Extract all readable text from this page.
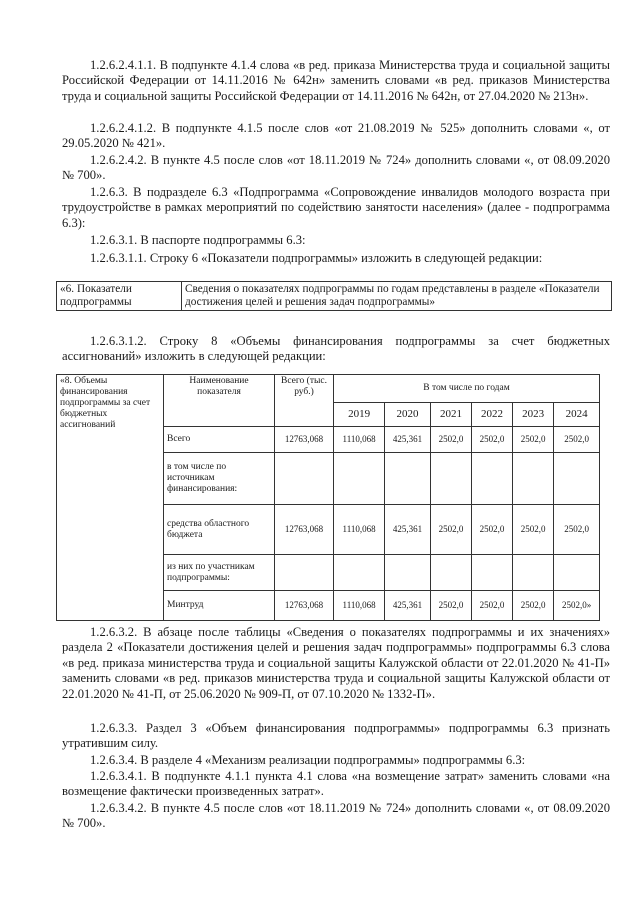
1.2.6.2.4.1.1. В подпункте 4.1.4 слова «в ред. приказа Министерства труда и социальной защиты Российской Федерации от 14.11.2016 № 642н» заменить словами «в ред. приказов Министерства труда и социальной защиты Российской Федерации от 14.11.2016 № 642н, от 27.04.2020 № 213н».

1.2.6.2.4.1.2. В подпункте 4.1.5 после слов «от 21.08.2019 № 525» дополнить словами «, от 29.05.2020 № 421».

1.2.6.2.4.2. В пункте 4.5 после слов «от 18.11.2019 № 724» дополнить словами «, от 08.09.2020 № 700».

1.2.6.3. В подразделе 6.3 «Подпрограмма «Сопровождение инвалидов молодого возраста при трудоустройстве в рамках мероприятий по содействию занятости населения» (далее - подпрограмма 6.3):

1.2.6.3.1. В паспорте подпрограммы 6.3:

1.2.6.3.1.1. Строку 6 «Показатели подпрограммы» изложить в следующей редакции:

«6. Показатели подпрограммы	Сведения о показателях подпрограммы по годам представлены в разделе «Показатели достижения целей и решения задач подпрограммы»

1.2.6.3.1.2. Строку 8 «Объемы финансирования подпрограммы за счет бюджетных ассигнований» изложить в следующей редакции:

«8. Объемы финансирования подпрограммы за счет бюджетных ассигнований	Наименование показателя	Всего (тыс. руб.)	В том числе по годам					
			2019	2020	2021	2022	2023	2024
	Всего	12763,068	1110,068	425,361	2502,0	2502,0	2502,0	2502,0
	в том числе по источникам финансирования:							
	средства областного бюджета	12763,068	1110,068	425,361	2502,0	2502,0	2502,0	2502,0
	из них по участникам подпрограммы:							
	Минтруд	12763,068	1110,068	425,361	2502,0	2502,0	2502,0	2502,0»

1.2.6.3.2. В абзаце после таблицы «Сведения о показателях подпрограммы и их значениях» раздела 2 «Показатели достижения целей и решения задач подпрограммы» подпрограммы 6.3 слова «в ред. приказа министерства труда и социальной защиты Калужской области от 22.01.2020 № 41-П» заменить словами «в ред. приказов министерства труда и социальной защиты Калужской области от 22.01.2020 № 41-П, от 25.06.2020 № 909-П, от 07.10.2020 № 1332-П».

1.2.6.3.3. Раздел 3 «Объем финансирования подпрограммы» подпрограммы 6.3 признать утратившим силу.

1.2.6.3.4. В разделе 4 «Механизм реализации подпрограммы» подпрограммы 6.3:

1.2.6.3.4.1. В подпункте 4.1.1 пункта 4.1 слова «на возмещение затрат» заменить словами «на возмещение фактически произведенных затрат».

1.2.6.3.4.2. В пункте 4.5 после слов «от 18.11.2019 № 724» дополнить словами «, от 08.09.2020 № 700».
